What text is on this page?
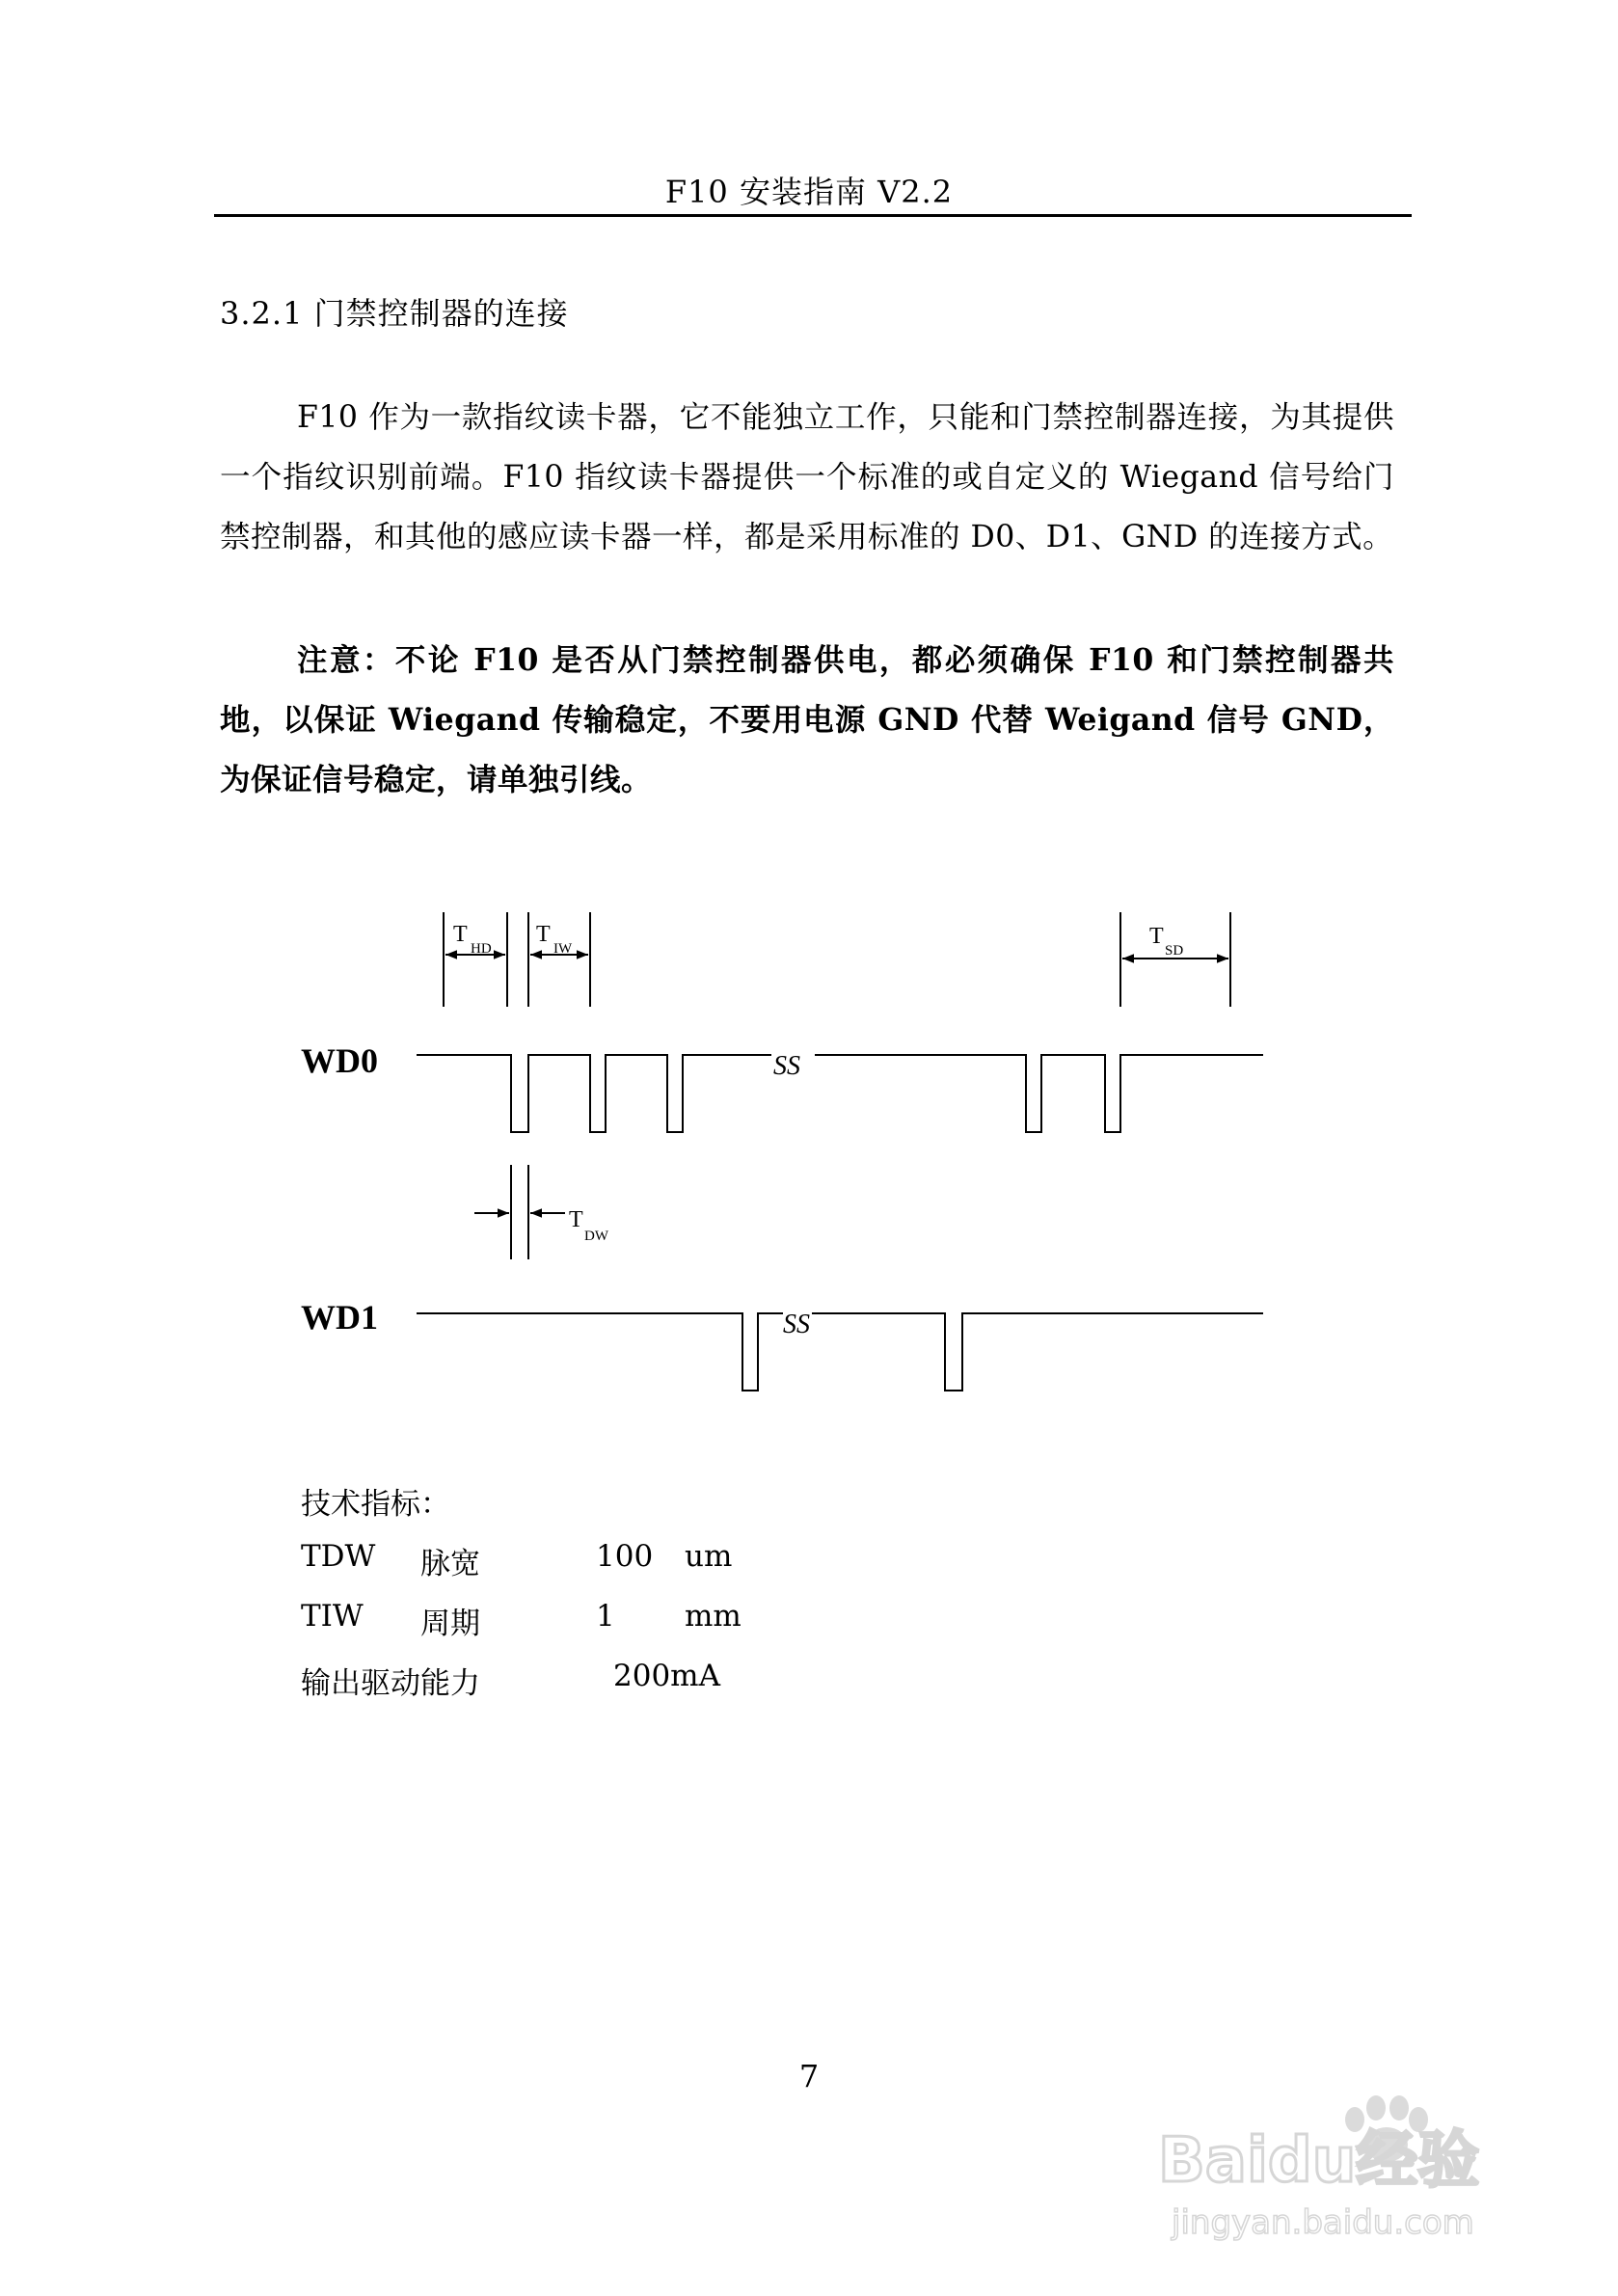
F10 安装指南 V2.2
3.2.1 门禁控制器的连接
F10 作为一款指纹读卡器，它不能独立工作，只能和门禁控制器连接，为其提供一个指纹识别前端。F10 指纹读卡器提供一个标准的或自定义的 Wiegand 信号给门禁控制器，和其他的感应读卡器一样，都是采用标准的 D0、D1、GND 的连接方式。
注意：不论 F10 是否从门禁控制器供电，都必须确保 F10 和门禁控制器共地，以保证 Wiegand 传输稳定，不要用电源 GND 代替 Weigand 信号 GND，为保证信号稳定，请单独引线。
WD0
WD1
SS
SS
T
HD
T
IW	T
SD
T
DW
技术指标：
TDW 脉宽	100 um
TIW 周期	1 mm
输出驱动能力	200mA
7
Baidu经验
jingyan.baidu.com
